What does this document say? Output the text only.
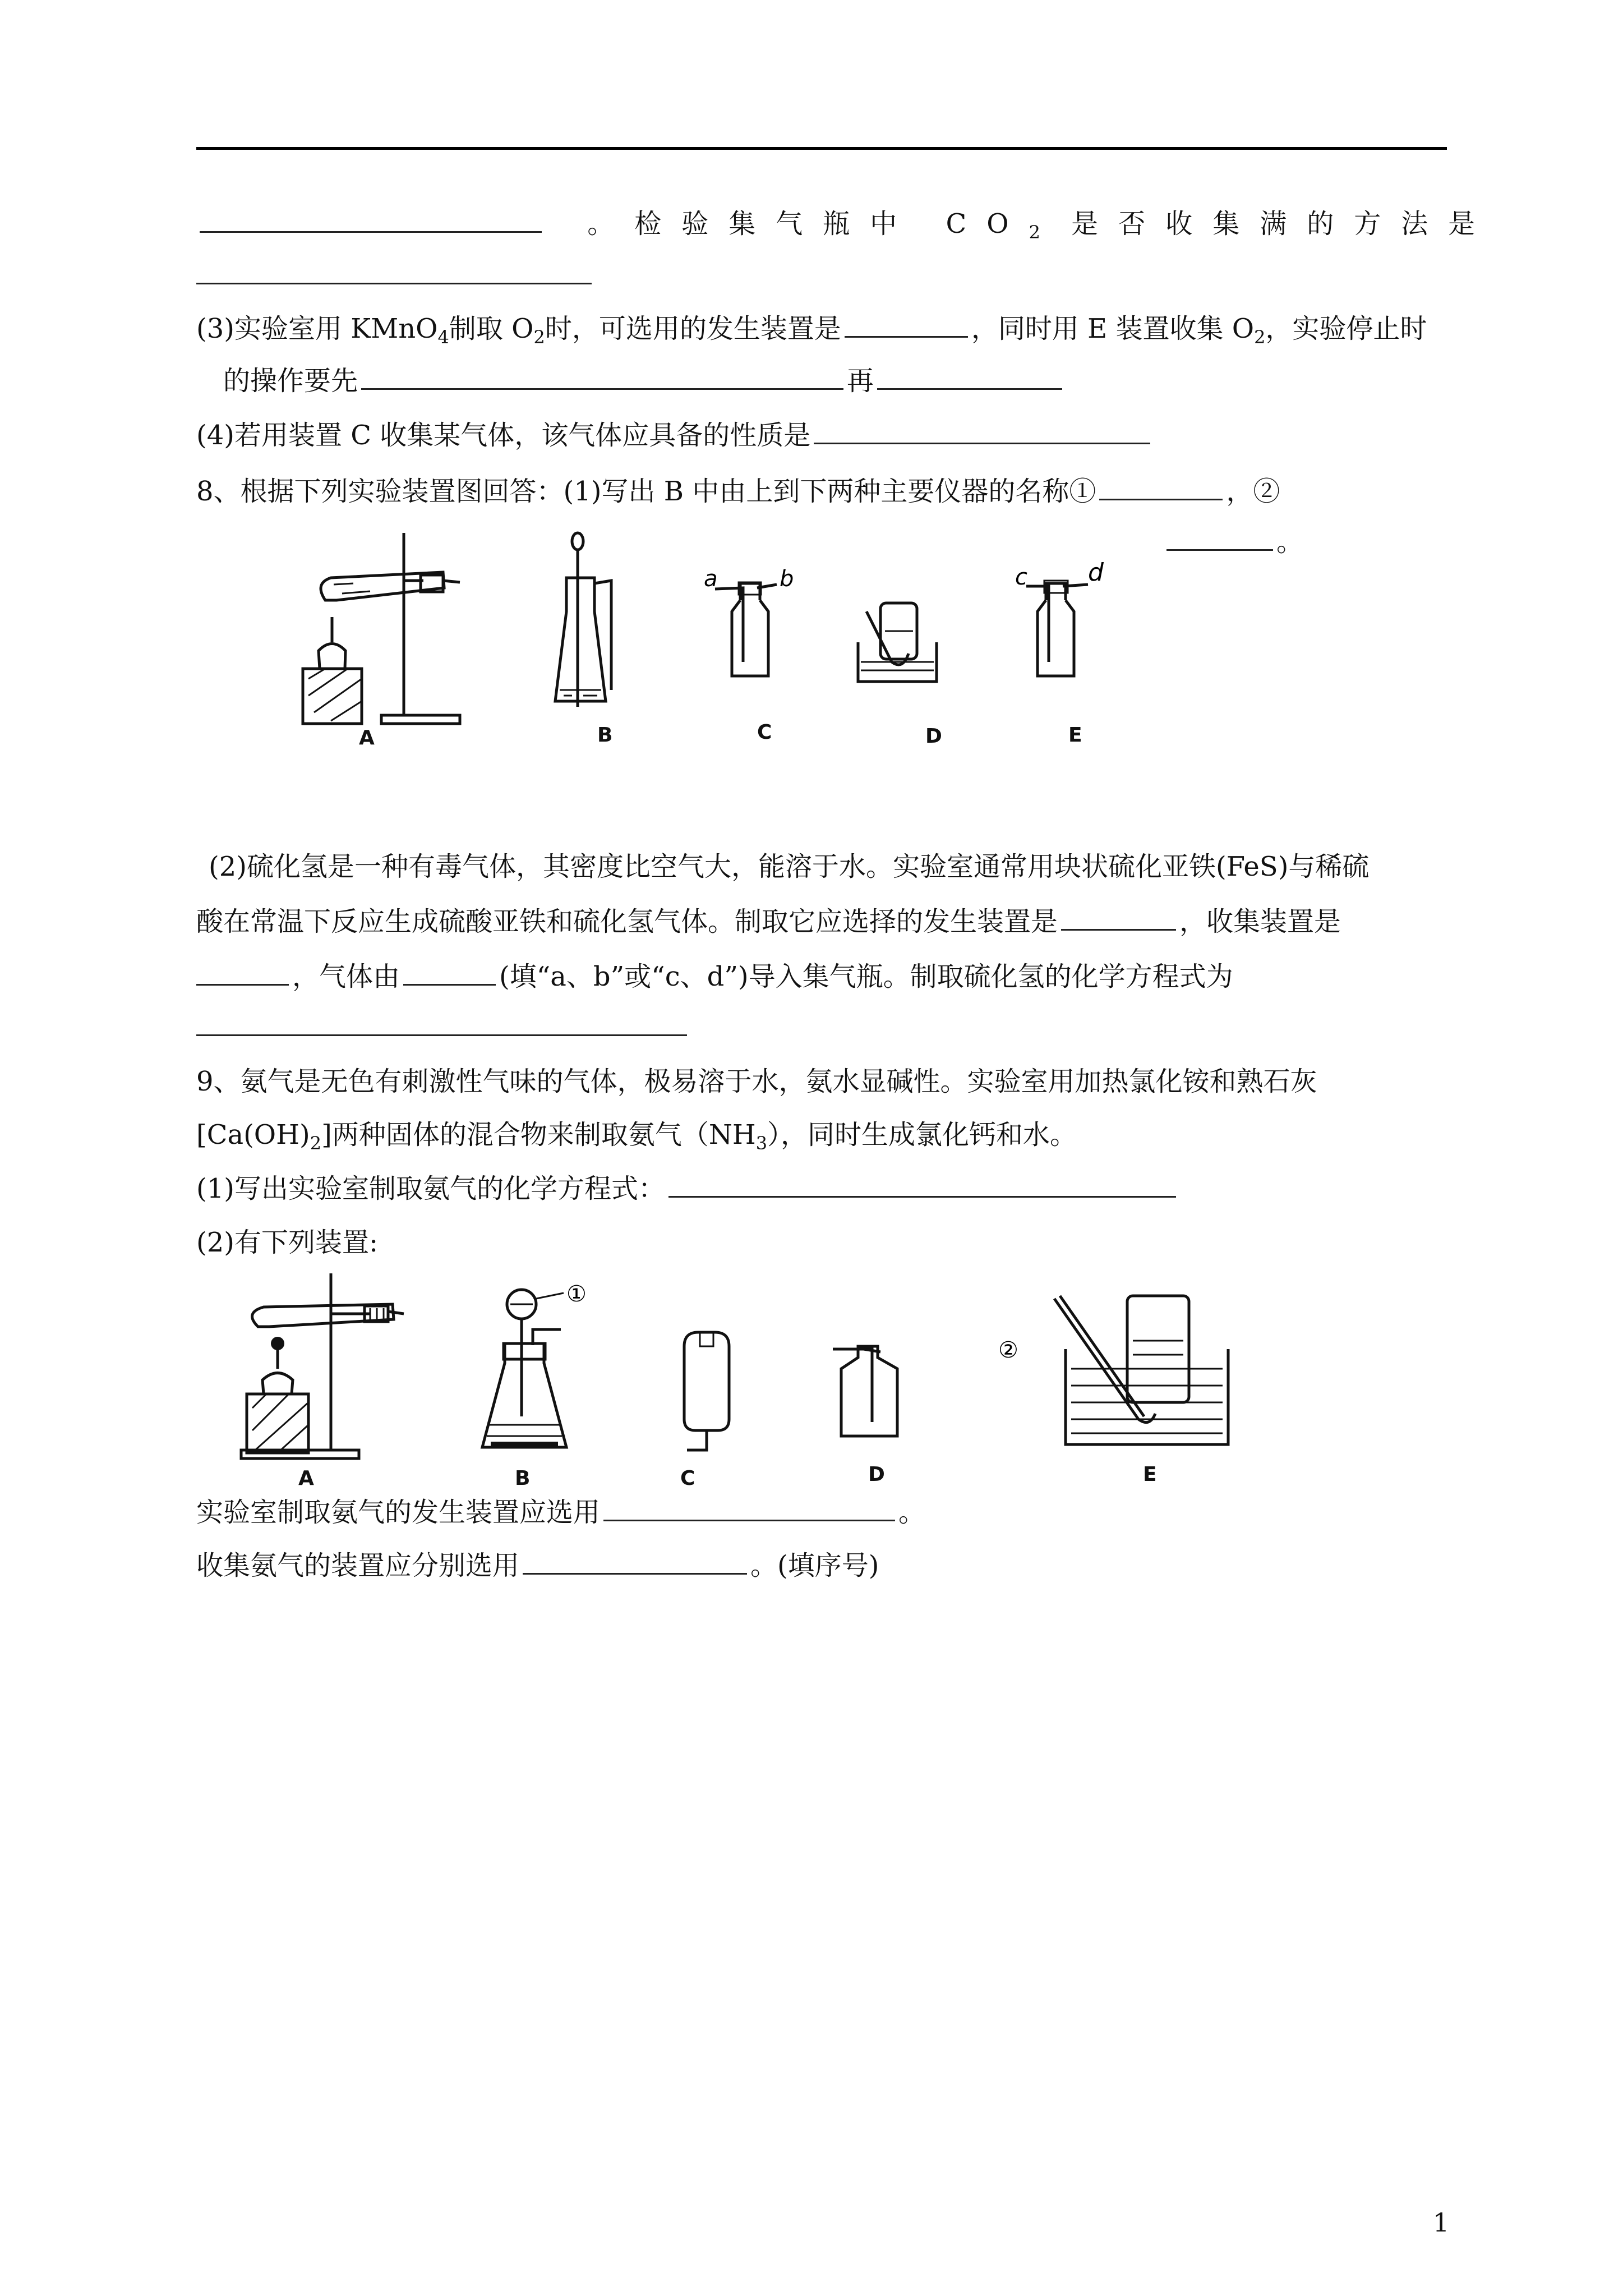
。检验集气瓶中 $CO_2$ 是否收集满的方法是
(3)实验室用 KMnO$_4$制取 $O_2$时，可选用的发生装置是	，同时用 E 装置收集 $O_2$，实验停止时
的操作要先	再
(4)若用装置 C 收集某气体，该气体应具备的性质是
8、根据下列实验装置图回答：(1)写出 B 中由上到下两种主要仪器的名称①	，②
。
a	b	c d
A	B	C	D	E
(2)硫化氢是一种有毒气体，其密度比空气大，能溶于水。实验室通常用块状硫化亚铁(FeS)与稀硫
酸在常温下反应生成硫酸亚铁和硫化氢气体。制取它应选择的发生装置是	，收集装置是
，气体由	(填“a、b”或“c、d”)导入集气瓶。制取硫化氢的化学方程式为
9、氨气是无色有刺激性气味的气体，极易溶于水，氨水显碱性。实验室用加热氯化铵和熟石灰
$[Ca(OH)_2]$两种固体的混合物来制取氨气$(NH_3)$，同时生成氯化钙和水。
(1)写出实验室制取氨气的化学方程式：
(2)有下列装置:
①
②
A	B	C	D	E
实验室制取氨气的发生装置应选用	。
收集氨气的装置应分别选用	。(填序号)
1
